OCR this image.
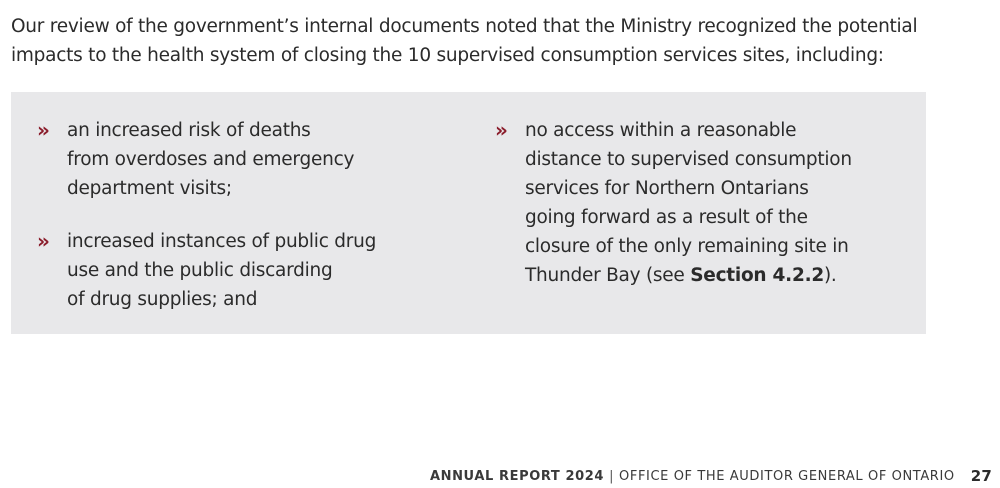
Our review of the government’s internal documents noted that the Ministry recognized the potential
impacts to the health system of closing the 10 supervised consumption services sites, including:

» an increased risk of deaths
from overdoses and emergency
department visits;
» increased instances of public drug
use and the public discarding
of drug supplies; and
» no access within a reasonable
distance to supervised consumption
services for Northern Ontarians
going forward as a result of the
closure of the only remaining site in
Thunder Bay (see Section 4.2.2).
ANNUAL REPORT 2024 | OFFICE OF THE AUDITOR GENERAL OF ONTARIO 27
